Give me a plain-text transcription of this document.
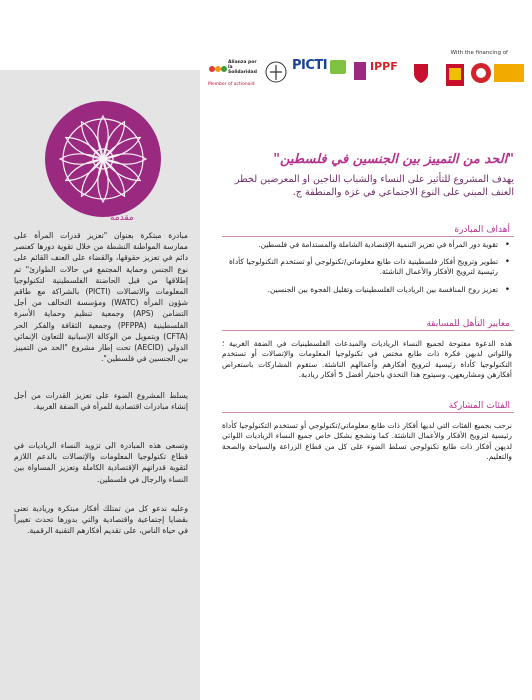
مقدمة
مبادرة مبتكرة بعنوان "تعزيز قدرات المرأة على ممارسة المواطنة النشطة من خلال تقوية دورها كعنصر دائم في تعزيز حقوقها، والقضاء على العنف القائم على نوع الجنس وحماية المجتمع في حالات الطوارئ" تم إطلاقها من قبل الحاضنة الفلسطينية لتكنولوجيا المعلومات والاتصالات (PICTI) بالشراكة مع طاقم شؤون المرأة (WATC) ومؤسسة التحالف من أجل التضامن (APS) وجمعية تنظيم وحماية الأسرة الفلسطينية (PFPPA) وجمعية الثقافة والفكر الحر (CFTA) وبتمويل من الوكالة الإسبانية للتعاون الإنمائي الدولي (AECID) تحت إطار مشروع "الحد من التمييز بين الجنسين في فلسطين".
يسلط المشروع الضوء على تعزيز القدرات من أجل إنشاء مبادرات اقتصادية للمرأة في الضفة الغربية.
وتسعى هذه المبادرة الى تزويد النساء الرياديات في قطاع تكنولوجيا المعلومات والإتصالات بالدعم اللازم لتقوية قدراتهم الإقتصادية الكاملة وتعزيز المساواة بين النساء والرجال في فلسطين.
وعليه ندعو كل من تمتلك أفكار مبتكرة وريادية تعنى بقضايا إجتماعية واقتصادية والتي بدورها تحدث تغييراً في حياة الناس، على تقديم أفكارهم التقنية الرقمية.
With the financing of
Alianza por la Solidaridad
Member of actionaid
PICTI	IPPF
"الحد من التمييز بين الجنسين في فلسطين"
يهدف المشروع للتأثير على النساء والشباب الناجين او المعرضين لخطر العنف المبني على النوع الاجتماعي في غزة والمنطقة ج.
أهداف المبادرة
• تقوية دور المرأة في تعزيز التنمية الإقتصادية الشاملة والمستدامة في فلسطين.
• تطوير وترويج أفكار فلسطينية ذات طابع معلوماتي/تكنولوجي أو تستخدم التكنولوجيا كأداة رئيسية لترويج الأفكار والأعمال الناشئة.
• تعزيز روح المنافسة بين الرياديات الفلسطينيات وتقليل الفجوة بين الجنسين.
معايير التأهل للمسابقة
هذه الدعوة مفتوحة لجميع النساء الرياديات والمبدعات الفلسطينيات في الضفة الغربية ؛ واللواتي لديهن فكرة ذات طابع مختص في تكنولوجيا المعلومات والإتصالات أو تستخدم التكنولوجيا كأداة رئيسية لترويج أفكارهم وأعمالهم الناشئة. ستقوم المشاركات باستعراض أفكارهن ومشاريعهن، وسيتوج هذا التحدي باختيار أفضل 5 أفكار ريادية.
الفئات المشاركة
نرحب بجميع الفئات التي لديها أفكار ذات طابع معلوماتي/تكنولوجي أو تستخدم التكنولوجيا كأداة رئيسية لترويج الأفكار والأعمال الناشئة. كما ونشجع بشكل خاص جميع النساء الرياديات اللواتي لديهن أفكار ذات طابع تكنولوجي تسلط الضوء على كل من قطاع الزراعة والسياحة والصحة والتعليم.
